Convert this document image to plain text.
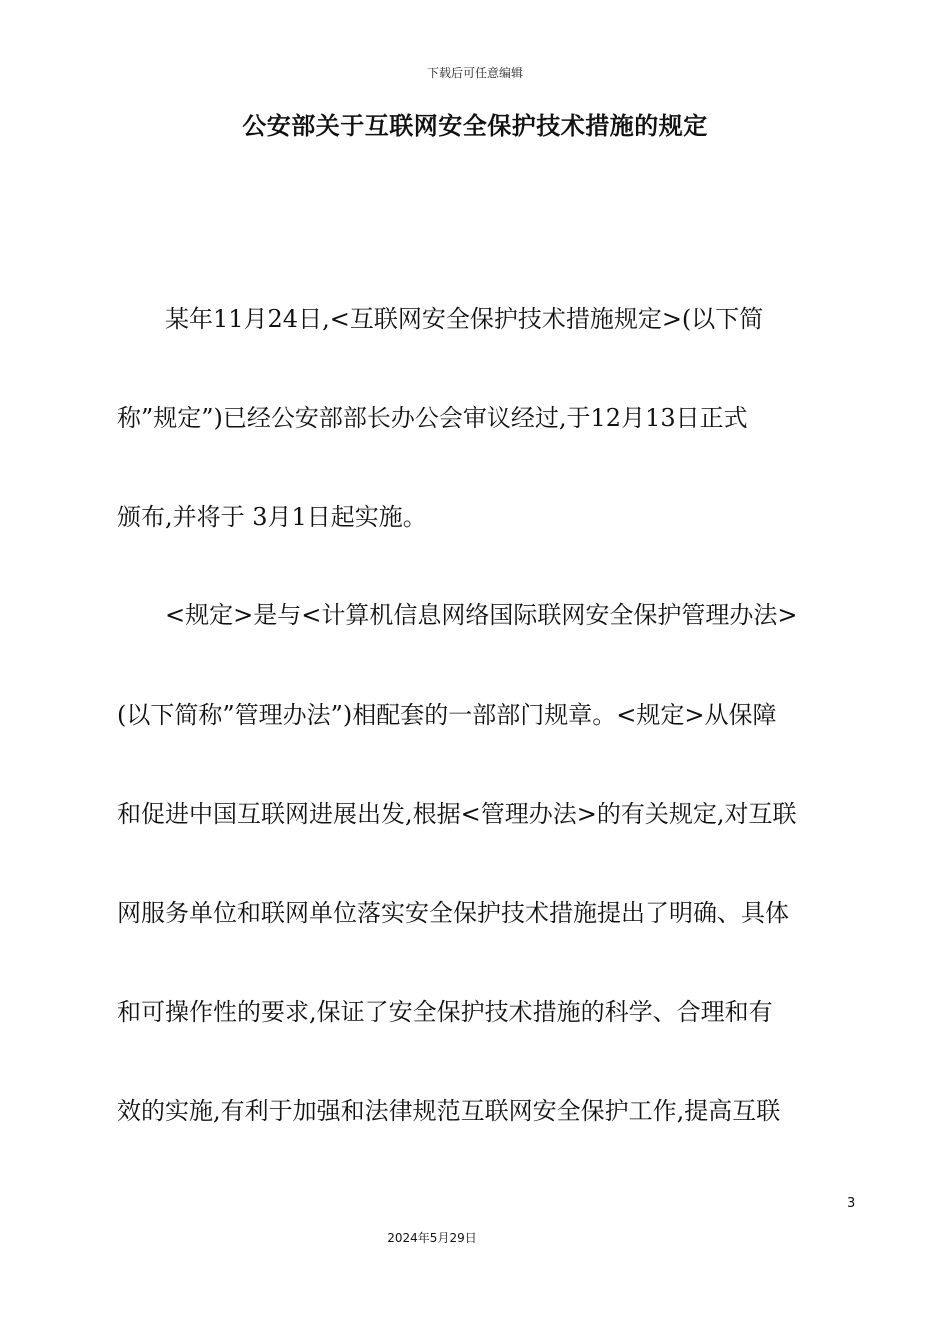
下载后可任意编辑
公安部关于互联网安全保护技术措施的规定
某年11月24日,<互联网安全保护技术措施规定>(以下简
称”规定”)已经公安部部长办公会审议经过,于12月13日正式
颁布,并将于 3月1日起实施。
<规定>是与<计算机信息网络国际联网安全保护管理办法>
(以下简称”管理办法”)相配套的一部部门规章。<规定>从保障
和促进中国互联网进展出发,根据<管理办法>的有关规定,对互联
网服务单位和联网单位落实安全保护技术措施提出了明确、具体
和可操作性的要求,保证了安全保护技术措施的科学、合理和有
效的实施,有利于加强和法律规范互联网安全保护工作,提高互联
3
2024年5月29日
